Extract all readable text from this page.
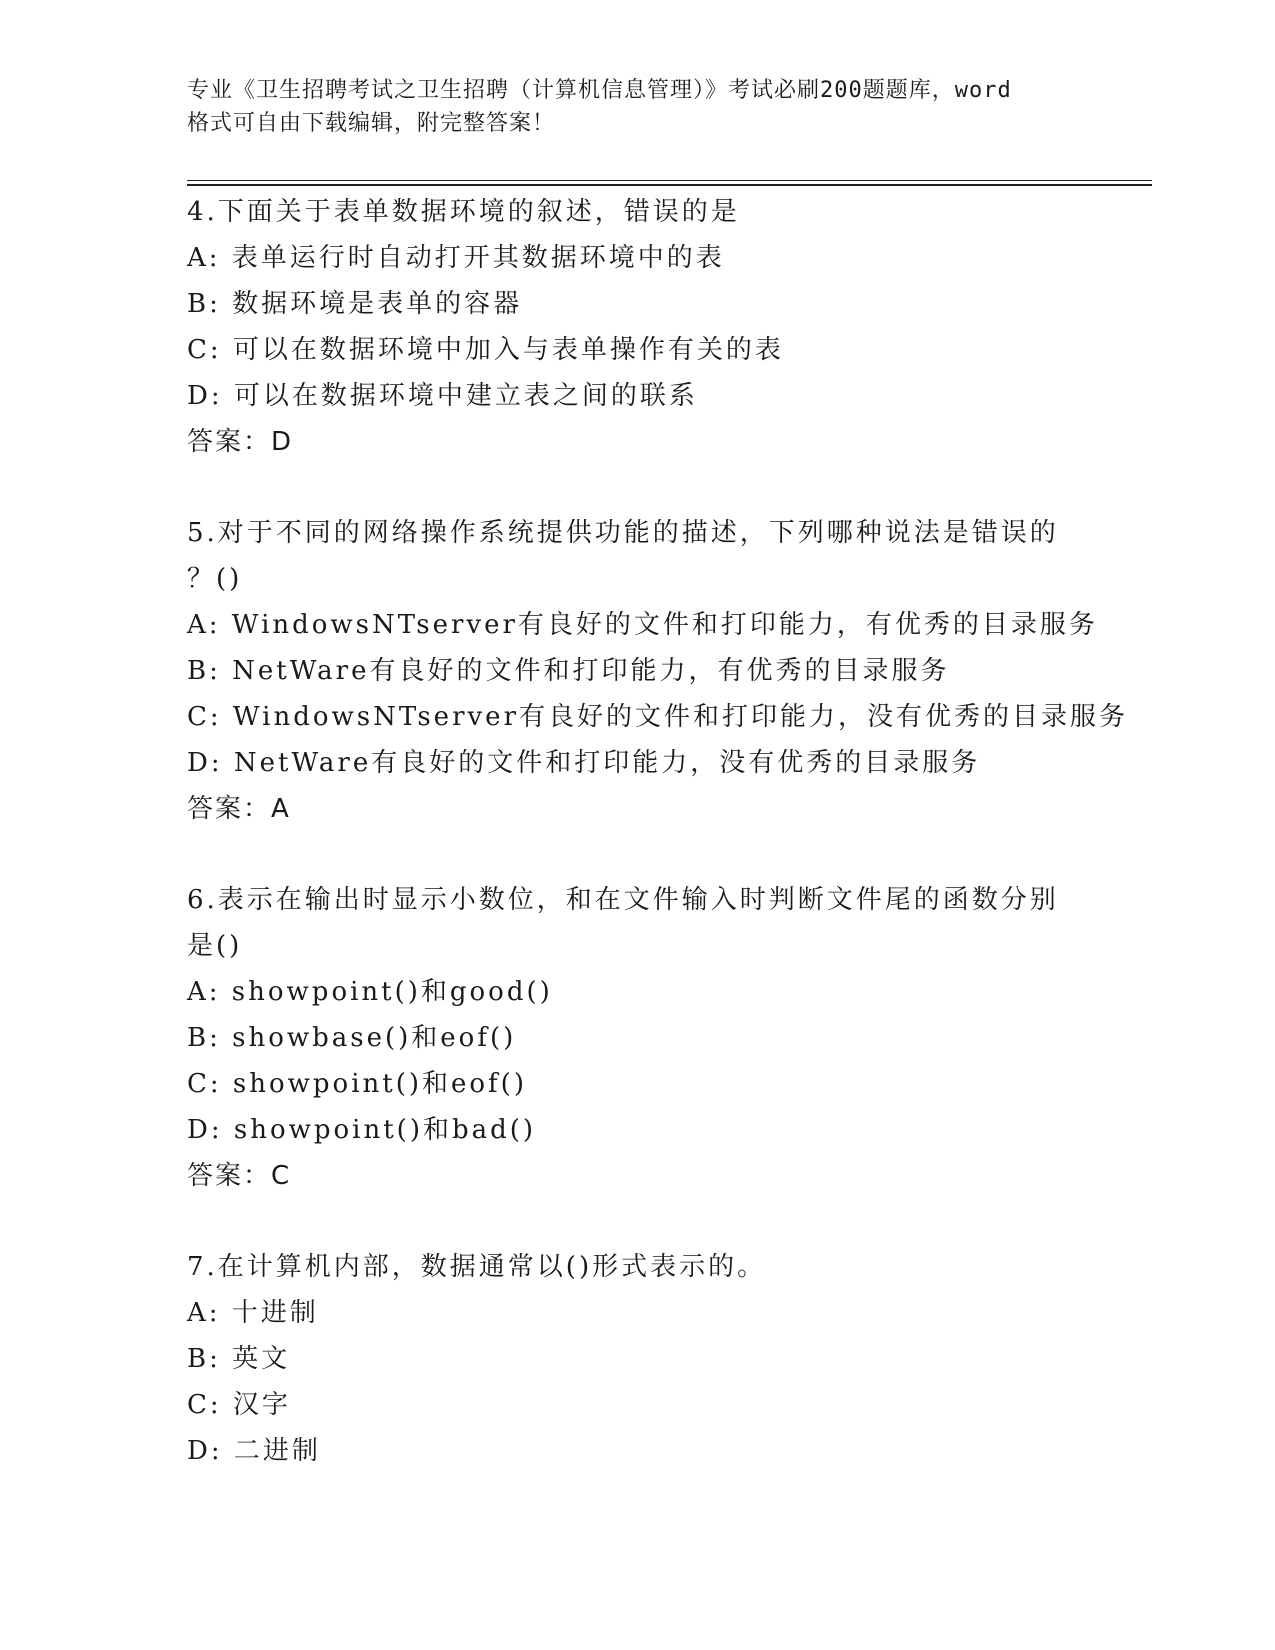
专业《卫生招聘考试之卫生招聘（计算机信息管理）》考试必刷200题题库，word
格式可自由下载编辑，附完整答案！
4.下面关于表单数据环境的叙述，错误的是
A: 表单运行时自动打开其数据环境中的表
B: 数据环境是表单的容器
C: 可以在数据环境中加入与表单操作有关的表
D: 可以在数据环境中建立表之间的联系
答案：D
5.对于不同的网络操作系统提供功能的描述，下列哪种说法是错误的
？()
A: WindowsNTserver有良好的文件和打印能力，有优秀的目录服务
B: NetWare有良好的文件和打印能力，有优秀的目录服务
C: WindowsNTserver有良好的文件和打印能力，没有优秀的目录服务
D: NetWare有良好的文件和打印能力，没有优秀的目录服务
答案：A
6.表示在输出时显示小数位，和在文件输入时判断文件尾的函数分别
是()
A: showpoint()和good()
B: showbase()和eof()
C: showpoint()和eof()
D: showpoint()和bad()
答案：C
7.在计算机内部，数据通常以()形式表示的。
A: 十进制
B: 英文
C: 汉字
D: 二进制
